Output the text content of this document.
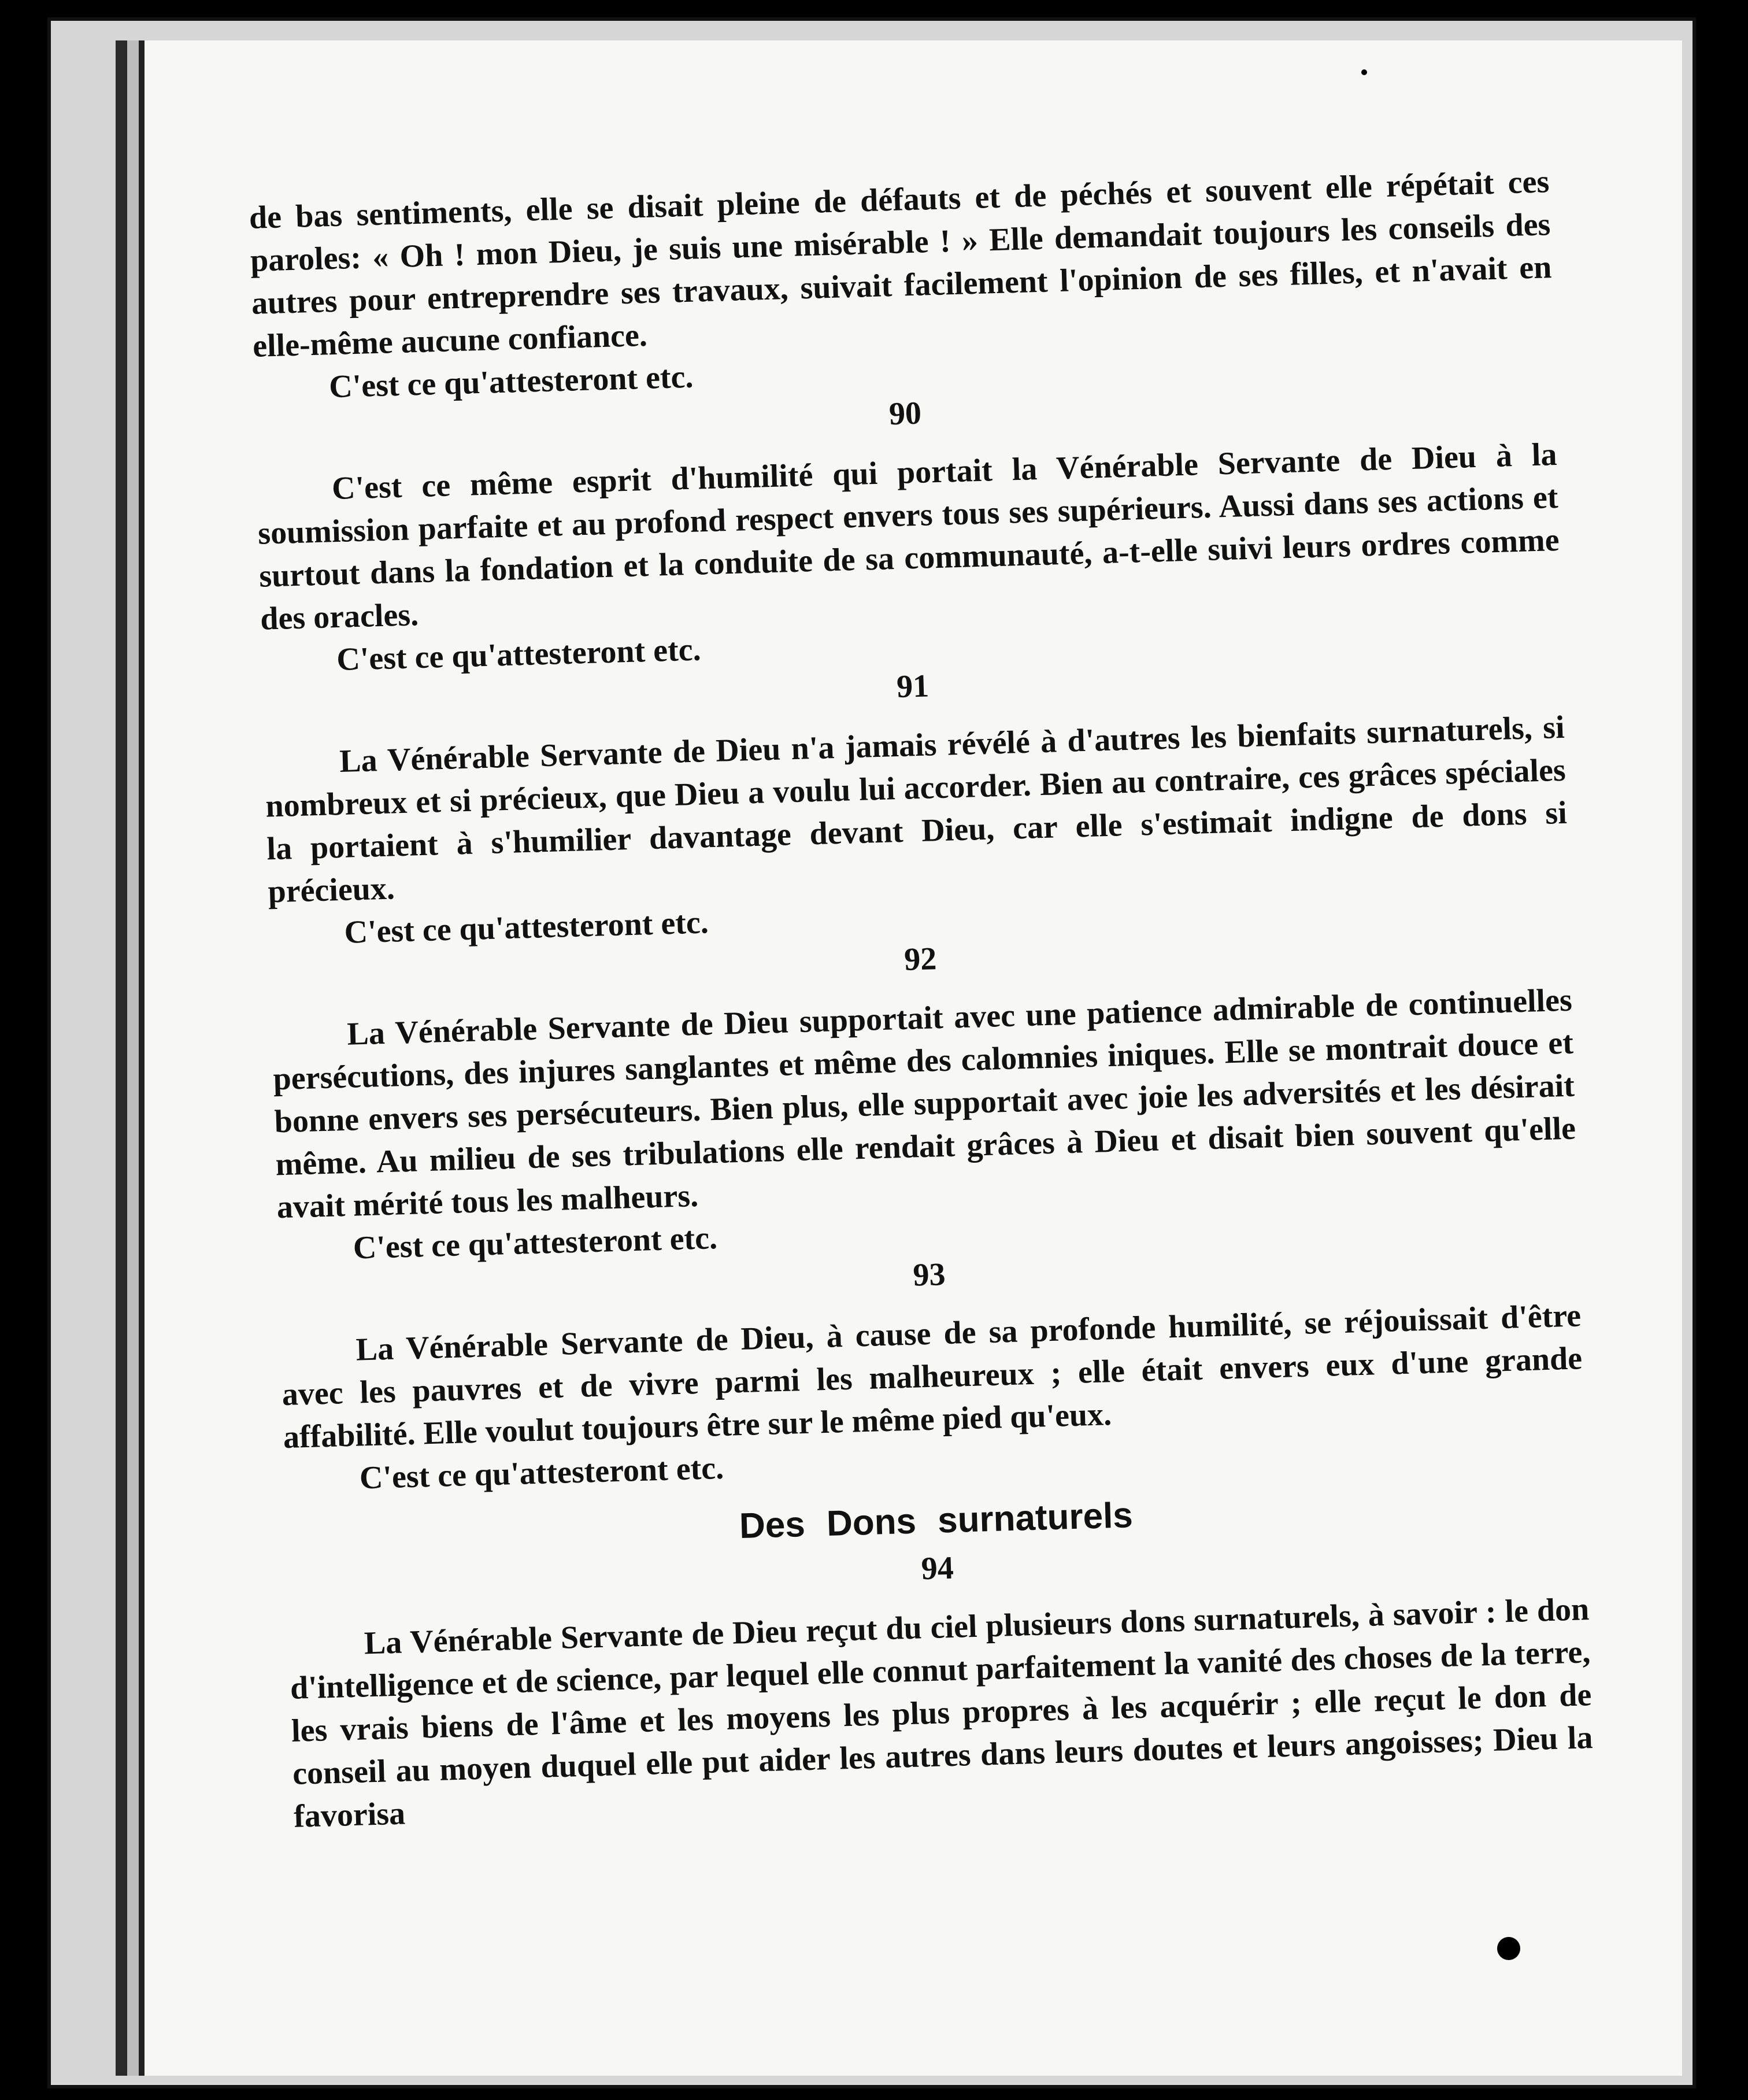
de bas sentiments, elle se disait pleine de défauts et de péchés et souvent elle répétait ces paroles: « Oh ! mon Dieu, je suis une misérable ! » Elle demandait toujours les conseils des autres pour entreprendre ses travaux, suivait facilement l'opinion de ses filles, et n'avait en elle-même aucune confiance.

C'est ce qu'attesteront etc.

90

C'est ce même esprit d'humilité qui portait la Vénérable Servante de Dieu à la soumission parfaite et au profond respect envers tous ses supérieurs. Aussi dans ses actions et surtout dans la fondation et la conduite de sa communauté, a-t-elle suivi leurs ordres comme des oracles.

C'est ce qu'attesteront etc.

91

La Vénérable Servante de Dieu n'a jamais révélé à d'autres les bienfaits surnaturels, si nombreux et si précieux, que Dieu a voulu lui accorder. Bien au contraire, ces grâces spéciales la portaient à s'humilier davantage devant Dieu, car elle s'estimait indigne de dons si précieux.

C'est ce qu'attesteront etc.

92

La Vénérable Servante de Dieu supportait avec une patience admirable de continuelles persécutions, des injures sanglantes et même des calomnies iniques. Elle se montrait douce et bonne envers ses persécuteurs. Bien plus, elle supportait avec joie les adversités et les désirait même. Au milieu de ses tribulations elle rendait grâces à Dieu et disait bien souvent qu'elle avait mérité tous les malheurs.

C'est ce qu'attesteront etc.

93

La Vénérable Servante de Dieu, à cause de sa profonde humilité, se réjouissait d'être avec les pauvres et de vivre parmi les malheureux ; elle était envers eux d'une grande affabilité. Elle voulut toujours être sur le même pied qu'eux.

C'est ce qu'attesteront etc.

Des Dons surnaturels

94

La Vénérable Servante de Dieu reçut du ciel plusieurs dons surnaturels, à savoir : le don d'intelligence et de science, par lequel elle connut parfaitement la vanité des choses de la terre, les vrais biens de l'âme et les moyens les plus propres à les acquérir ; elle reçut le don de conseil au moyen duquel elle put aider les autres dans leurs doutes et leurs angoisses; Dieu la favorisa
